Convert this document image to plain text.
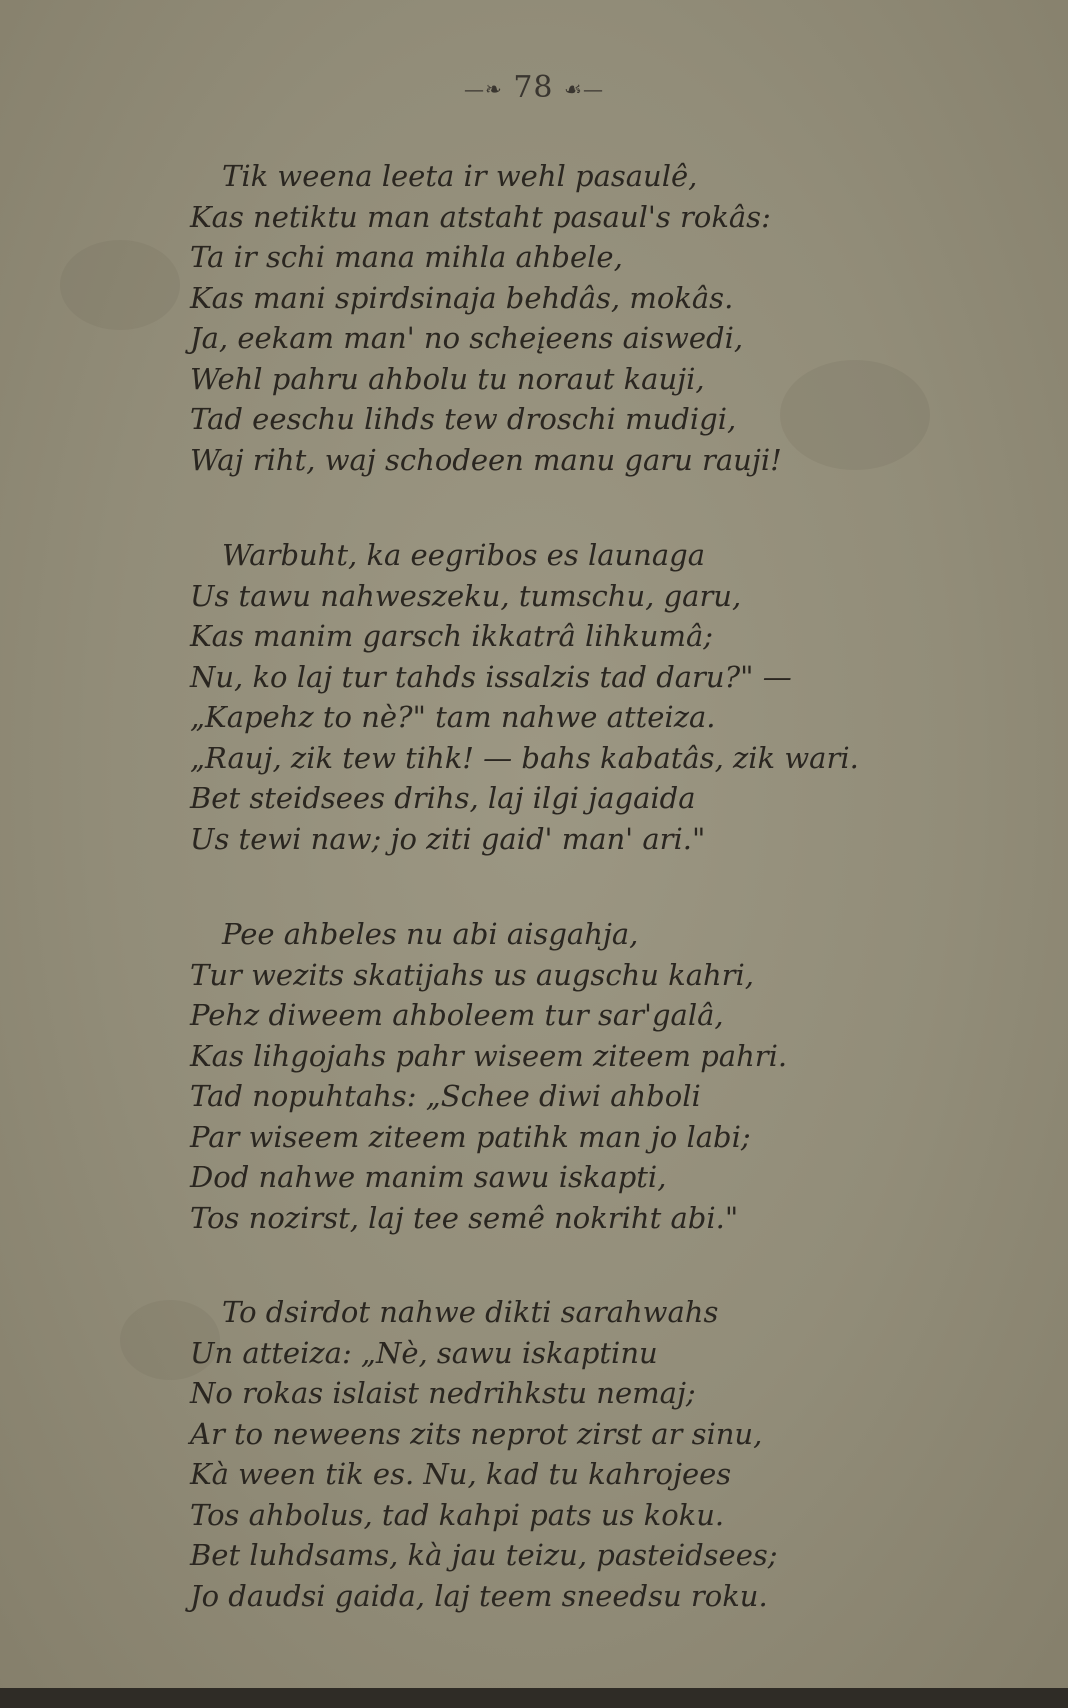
—❧ 78 ☙—
Tik weena leeta ir wehl pasaulê,
Kas netiktu man atstaht pasaul's rokâs:
Ta ir schi mana mihla ahbele,
Kas mani spirdsinaja behdâs, mokâs.
Ja, eekam man' no scheįeens aiswedi,
Wehl pahru ahbolu tu noraut kauji,
Tad eeschu lihds tew droschi mudigi,
Waj riht, waj schodeen manu garu rauji!
Warbuht, ka eegribos es launaga
Us tawu nahweszeku, tumschu, garu,
Kas manim garsch ikkatrâ lihkumâ;
Nu, ko laj tur tahds issalzis tad daru?" —
„Kapehz to nè?" tam nahwe atteiza.
„Rauj, zik tew tihk! — bahs kabatâs, zik wari.
Bet steidsees drihs, laj ilgi jagaida
Us tewi naw; jo ziti gaid' man' ari."
Pee ahbeles nu abi aisgahja,
Tur wezits skatijahs us augschu kahri,
Pehz diweem ahboleem tur sar'galâ,
Kas lihgojahs pahr wiseem ziteem pahri.
Tad nopuhtahs: „Schee diwi ahboli
Par wiseem ziteem patihk man jo labi;
Dod nahwe manim sawu iskapti,
Tos nozirst, laj tee semê nokriht abi."
To dsirdot nahwe dikti sarahwahs
Un atteiza: „Nè, sawu iskaptinu
No rokas islaist nedrihkstu nemaj;
Ar to neweens zits neprot zirst ar sinu,
Kà ween tik es. Nu, kad tu kahrojees
Tos ahbolus, tad kahpi pats us koku.
Bet luhdsams, kà jau teizu, pasteidsees;
Jo daudsi gaida, laj teem sneedsu roku.
